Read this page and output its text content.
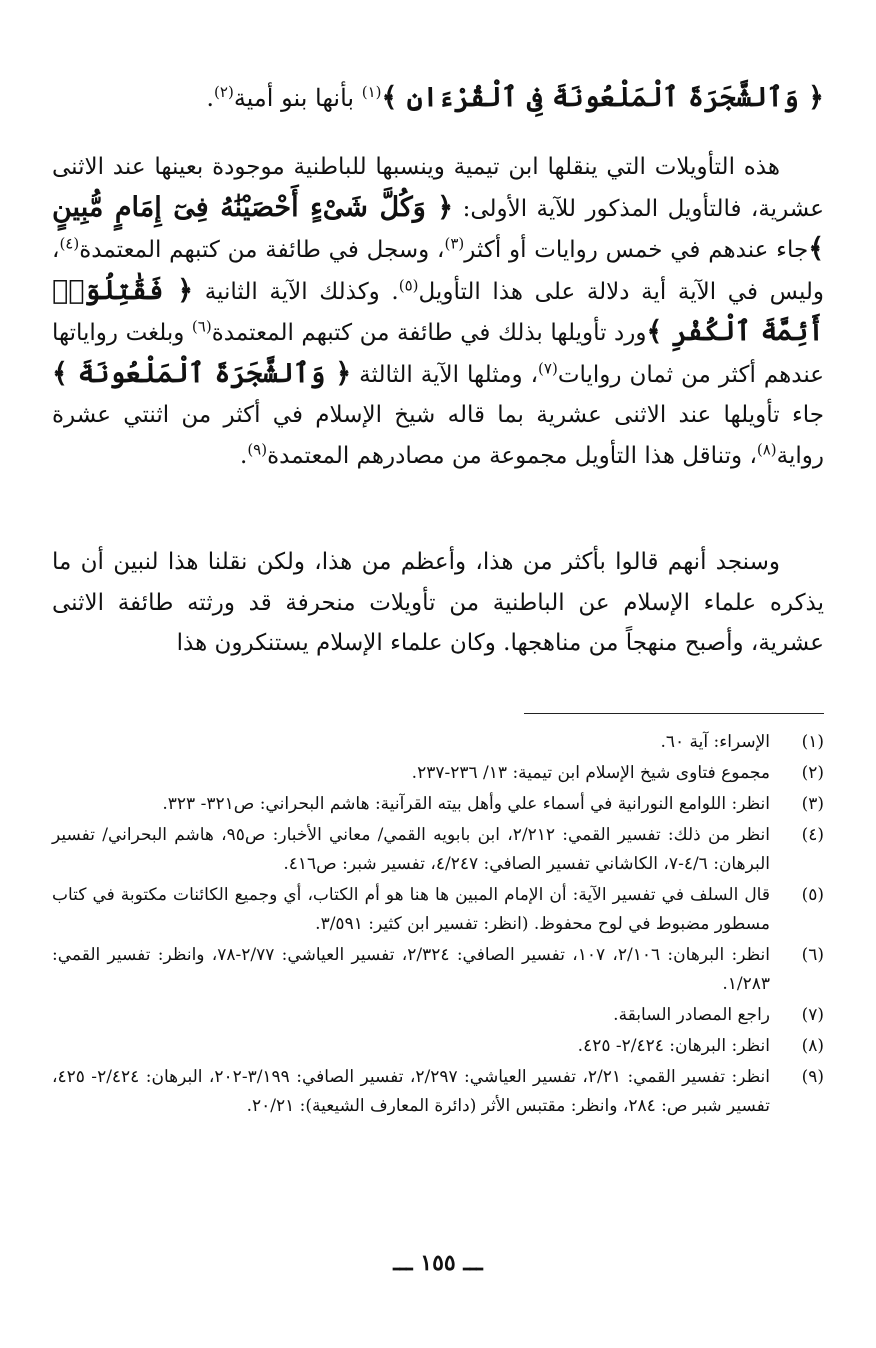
﴿ وَٱلشَّجَرَةَ ٱلْمَلْعُونَةَ فِى ٱلْقُرْءَانِ ﴾$^{(١)}$ بأنها بنو أمية$^{(٢)}$.

هذه التأويلات التي ينقلها ابن تيمية وينسبها للباطنية موجودة بعينها عند الاثنى عشرية، فالتأويل المذكور للآية الأولى: ﴿ وَكُلَّ شَىْءٍ أَحْصَيْنَٰهُ فِىٓ إِمَامٍ مُّبِينٍ ﴾جاء عندهم في خمس روايات أو أكثر$^{(٣)}$، وسجل في طائفة من كتبهم المعتمدة$^{(٤)}$، وليس في الآية أية دلالة على هذا التأويل$^{(٥)}$. وكذلك الآية الثانية ﴿ فَقَٰتِلُوٓا۟ أَئِمَّةَ ٱلْكُفْرِ ﴾ورد تأويلها بذلك في طائفة من كتبهم المعتمدة$^{(٦)}$ وبلغت رواياتها عندهم أكثر من ثمان روايات$^{(٧)}$، ومثلها الآية الثالثة ﴿ وَٱلشَّجَرَةَ ٱلْمَلْعُونَةَ ﴾جاء تأويلها عند الاثنى عشرية بما قاله شيخ الإسلام في أكثر من اثنتي عشرة رواية$^{(٨)}$، وتناقل هذا التأويل مجموعة من مصادرهم المعتمدة$^{(٩)}$.

وسنجد أنهم قالوا بأكثر من هذا، وأعظم من هذا، ولكن نقلنا هذا لنبين أن ما يذكره علماء الإسلام عن الباطنية من تأويلات منحرفة قد ورثته طائفة الاثنى عشرية، وأصبح منهجاً من مناهجها. وكان علماء الإسلام يستنكرون هذا

(١)
الإسراء: آية ٦٠.
(٢)
مجموع فتاوى شيخ الإسلام ابن تيمية: ١٣/ ٢٣٦-٢٣٧.
(٣)
انظر: اللوامع النورانية في أسماء علي وأهل بيته القرآنية: هاشم البحراني: ص٣٢١- ٣٢٣.
(٤)
انظر من ذلك: تفسير القمي: ٢/٢١٢، ابن بابويه القمي/ معاني الأخبار: ص٩٥، هاشم البحراني/ تفسير البرهان: ٤/٦-٧، الكاشاني تفسير الصافي: ٤/٢٤٧، تفسير شبر: ص٤١٦.
(٥)
قال السلف في تفسير الآية: أن الإمام المبين ها هنا هو أم الكتاب، أي وجميع الكائنات مكتوبة في كتاب مسطور مضبوط في لوح محفوظ. (انظر: تفسير ابن كثير: ٣/٥٩١.
(٦)
انظر: البرهان: ٢/١٠٦، ١٠٧، تفسير الصافي: ٢/٣٢٤، تفسير العياشي: ٢/٧٧-٧٨، وانظر: تفسير القمي: ١/٢٨٣.
(٧)
راجع المصادر السابقة.
(٨)
انظر: البرهان: ٢/٤٢٤- ٤٢٥.
(٩)
انظر: تفسير القمي: ٢/٢١، تفسير العياشي: ٢/٢٩٧، تفسير الصافي: ٣/١٩٩-٢٠٢، البرهان: ٢/٤٢٤- ٤٢٥، تفسير شبر ص: ٢٨٤، وانظر: مقتبس الأثر (دائرة المعارف الشيعية): ٢٠/٢١.
ـــ ١٥٥ ـــ
